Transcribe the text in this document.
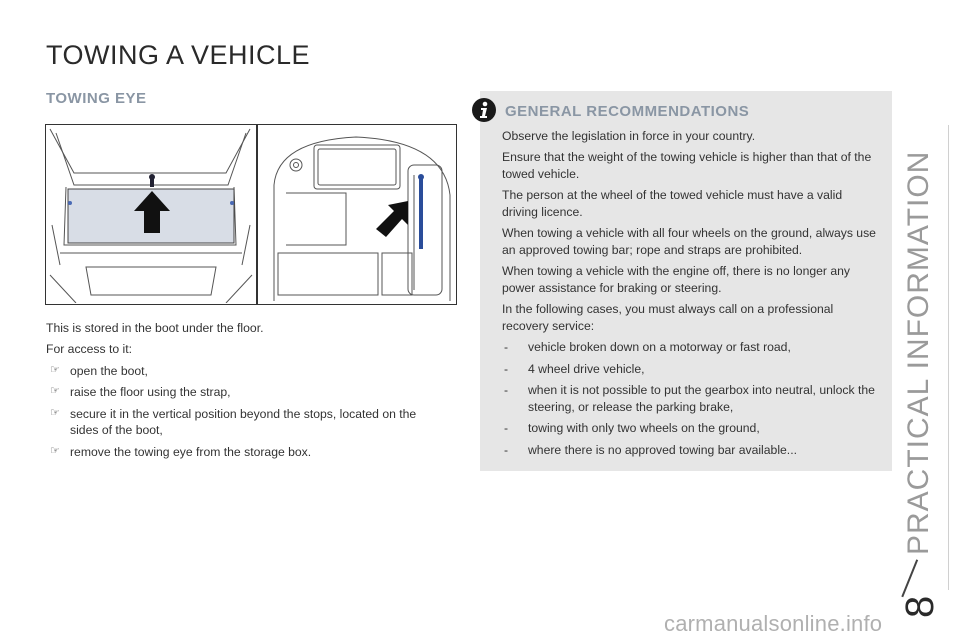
TOWING A VEHICLE
TOWING EYE

This is stored in the boot under the floor.

For access to it:

☞ open the boot,
☞ raise the floor using the strap,
☞ secure it in the vertical position beyond the stops, located on the sides of the boot,
☞ remove the towing eye from the storage box.
GENERAL RECOMMENDATIONS

Observe the legislation in force in your country.

Ensure that the weight of the towing vehicle is higher than that of the towed vehicle.

The person at the wheel of the towed vehicle must have a valid driving licence.

When towing a vehicle with all four wheels on the ground, always use an approved towing bar; rope and straps are prohibited.

When towing a vehicle with the engine off, there is no longer any power assistance for braking or steering.

In the following cases, you must always call on a professional recovery service:

- vehicle broken down on a motorway or fast road,
- 4 wheel drive vehicle,
- when it is not possible to put the gearbox into neutral, unlock the steering, or release the parking brake,
- towing with only two wheels on the ground,
- where there is no approved towing bar available...	PRACTICAL INFORMATION
8
carmanualsonline.info
